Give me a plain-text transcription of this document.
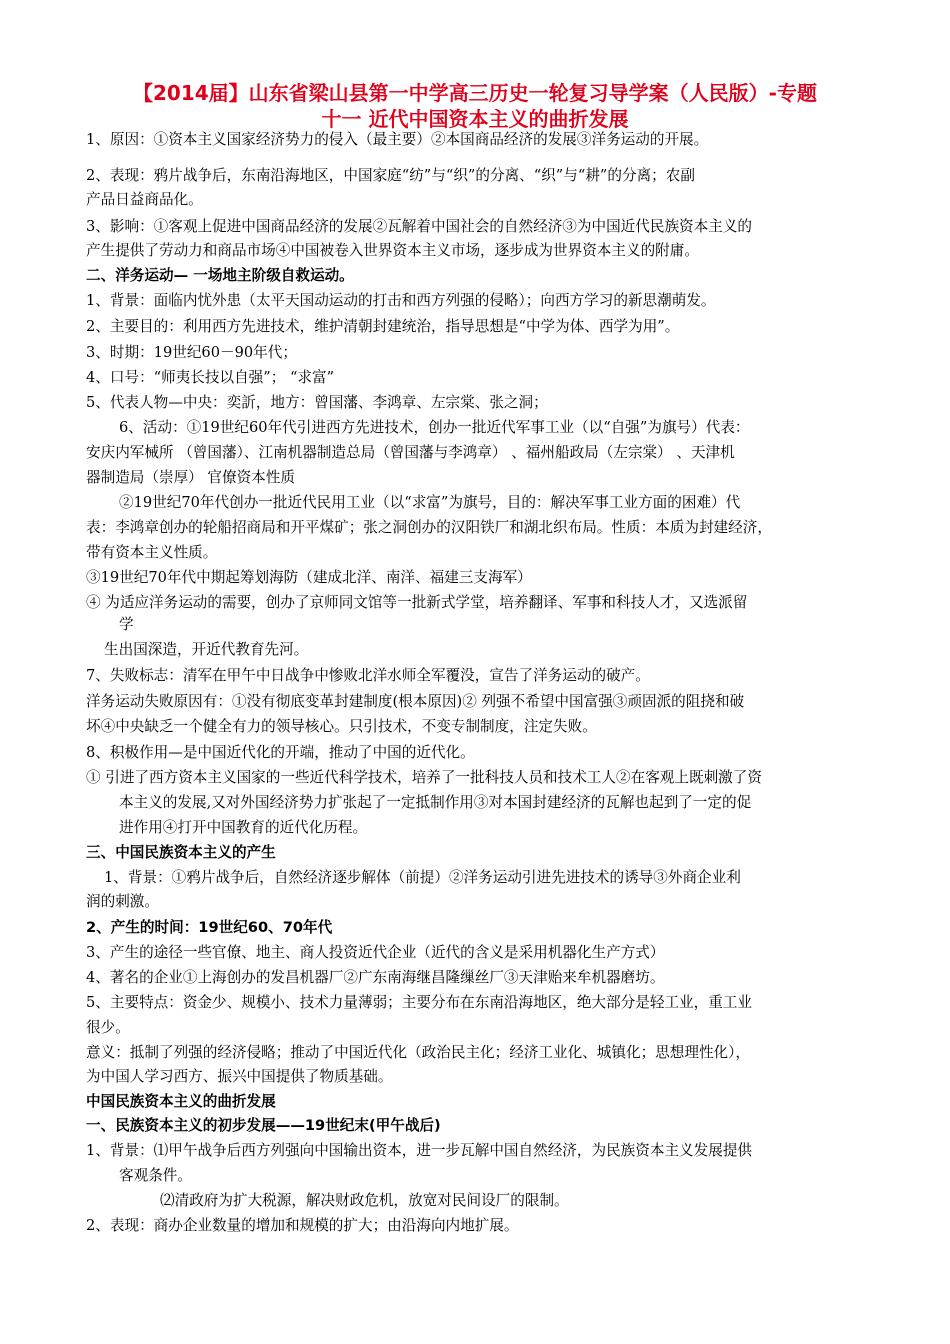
【2014届】山东省梁山县第一中学高三历史一轮复习导学案（人民版）-专题
十一 近代中国资本主义的曲折发展
1、原因：①资本主义国家经济势力的侵入（最主要）②本国商品经济的发展③洋务运动的开展。
2、表现：鸦片战争后，东南沿海地区，中国家庭“纺”与“织”的分离、“织”与“耕”的分离；农副
产品日益商品化。
3、影响：①客观上促进中国商品经济的发展②瓦解着中国社会的自然经济③为中国近代民族资本主义的
产生提供了劳动力和商品市场④中国被卷入世界资本主义市场，逐步成为世界资本主义的附庸。
二、洋务运动— 一场地主阶级自救运动。
1、背景：面临内忧外患（太平天国动运动的打击和西方列强的侵略）；向西方学习的新思潮萌发。
2、主要目的：利用西方先进技术，维护清朝封建统治，指导思想是“中学为体、西学为用”。
3、时期：19世纪60－90年代；
4、口号：“师夷长技以自强”； “求富”
5、代表人物—中央：奕訢，地方：曾国藩、李鸿章、左宗棠、张之洞；
6、活动：①19世纪60年代引进西方先进技术，创办一批近代军事工业（以“自强”为旗号）代表：
安庆内军械所 （曾国藩）、江南机器制造总局（曾国藩与李鸿章） 、福州船政局（左宗棠） 、天津机
器制造局（崇厚） 官僚资本性质
②19世纪70年代创办一批近代民用工业（以“求富”为旗号，目的：解决军事工业方面的困难）代
表：李鸿章创办的轮船招商局和开平煤矿；张之洞创办的汉阳铁厂和湖北织布局。性质：本质为封建经济，
带有资本主义性质。
③19世纪70年代中期起筹划海防（建成北洋、南洋、福建三支海军）
④ 为适应洋务运动的需要，创办了京师同文馆等一批新式学堂，培养翻译、军事和科技人才，又选派留
学
生出国深造，开近代教育先河。
7、失败标志：清军在甲午中日战争中惨败北洋水师全军覆没，宣告了洋务运动的破产。
洋务运动失败原因有：①没有彻底变革封建制度(根本原因)② 列强不希望中国富强③顽固派的阻挠和破
坏④中央缺乏一个健全有力的领导核心。只引技术，不变专制制度，注定失败。
8、积极作用—是中国近代化的开端，推动了中国的近代化。
① 引进了西方资本主义国家的一些近代科学技术，培养了一批科技人员和技术工人②在客观上既刺激了资
本主义的发展,又对外国经济势力扩张起了一定抵制作用③对本国封建经济的瓦解也起到了一定的促
进作用④打开中国教育的近代化历程。
三、中国民族资本主义的产生
1、背景：①鸦片战争后，自然经济逐步解体（前提）②洋务运动引进先进技术的诱导③外商企业利
润的刺激。
2、产生的时间：19世纪60、70年代
3、产生的途径一些官僚、地主、商人投资近代企业（近代的含义是采用机器化生产方式）
4、著名的企业①上海创办的发昌机器厂②广东南海继昌隆缫丝厂③天津贻来牟机器磨坊。
5、主要特点：资金少、规模小、技术力量薄弱；主要分布在东南沿海地区，绝大部分是轻工业，重工业
很少。
意义：抵制了列强的经济侵略；推动了中国近代化（政治民主化；经济工业化、城镇化；思想理性化），
为中国人学习西方、振兴中国提供了物质基础。
中国民族资本主义的曲折发展
一、民族资本主义的初步发展——19世纪末(甲午战后)
1、背景：⑴甲午战争后西方列强向中国输出资本，进一步瓦解中国自然经济，为民族资本主义发展提供
客观条件。
⑵清政府为扩大税源，解决财政危机，放宽对民间设厂的限制。
2、表现：商办企业数量的增加和规模的扩大；由沿海向内地扩展。
